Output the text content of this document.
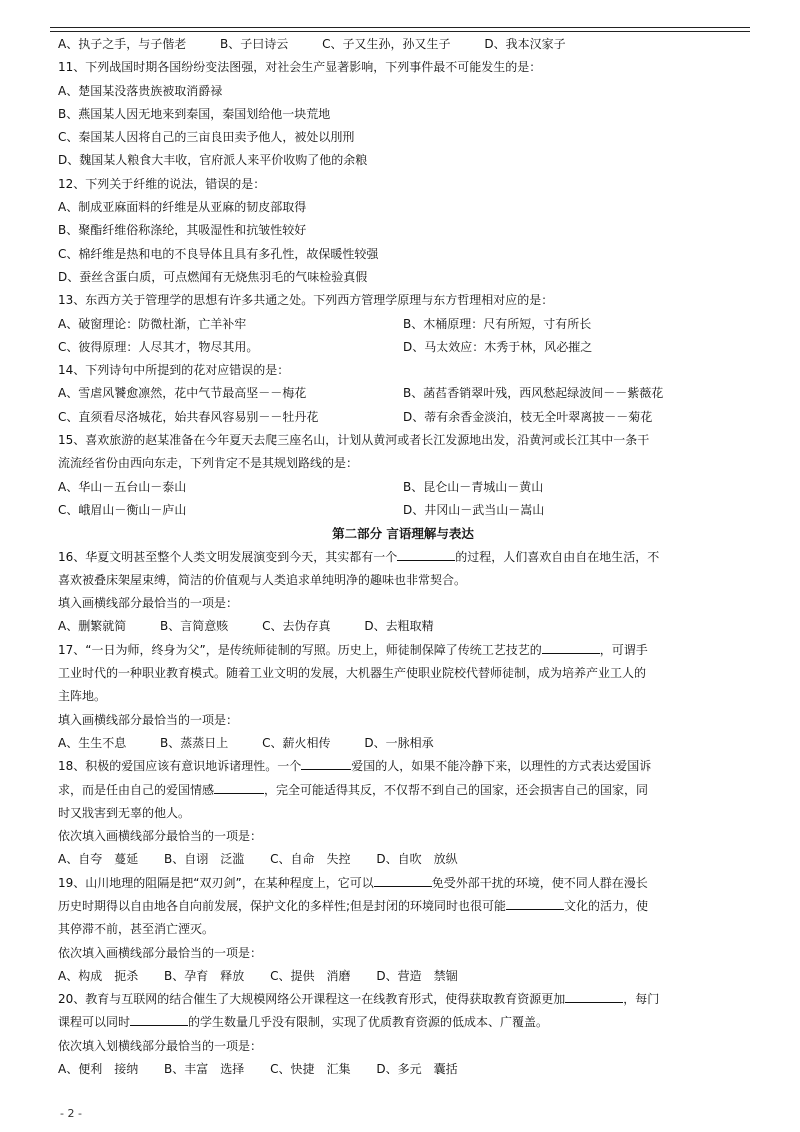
A、执子之手，与子偕老	B、子曰诗云	C、子又生孙，孙又生子	D、我本汉家子
11、下列战国时期各国纷纷变法图强，对社会生产显著影响，下列事件最不可能发生的是：
A、楚国某没落贵族被取消爵禄
B、燕国某人因无地来到秦国，秦国划给他一块荒地
C、秦国某人因将自己的三亩良田卖予他人，被处以刖刑
D、魏国某人粮食大丰收，官府派人来平价收购了他的余粮
12、下列关于纤维的说法，错误的是：
A、制成亚麻面料的纤维是从亚麻的韧皮部取得
B、聚酯纤维俗称涤纶，其吸湿性和抗皱性较好
C、棉纤维是热和电的不良导体且具有多孔性，故保暖性较强
D、蚕丝含蛋白质，可点燃闻有无烧焦羽毛的气味检验真假
13、东西方关于管理学的思想有许多共通之处。下列西方管理学原理与东方哲理相对应的是：
A、破窗理论：防微杜渐，亡羊补牢	B、木桶原理：尺有所短，寸有所长
C、彼得原理：人尽其才，物尽其用。	D、马太效应：木秀于林，风必摧之
14、下列诗句中所提到的花对应错误的是：
A、雪虐风饕愈凛然，花中气节最高坚－－梅花	B、菡萏香销翠叶残，西风愁起绿波间－－紫薇花
C、直须看尽洛城花，始共春风容易别－－牡丹花	D、蒂有余香金淡泊，枝无全叶翠离披－－菊花
15、喜欢旅游的赵某准备在今年夏天去爬三座名山，计划从黄河或者长江发源地出发，沿黄河或长江其中一条干
流流经省份由西向东走，下列肯定不是其规划路线的是：
A、华山－五台山－泰山	B、昆仑山－青城山－黄山
C、峨眉山－衡山－庐山	D、井冈山－武当山－嵩山
第二部分 言语理解与表达
16、华夏文明甚至整个人类文明发展演变到今天，其实都有一个	的过程，人们喜欢自由自在地生活，不
喜欢被叠床架屋束缚，简洁的价值观与人类追求单纯明净的趣味也非常契合。
填入画横线部分最恰当的一项是：
A、删繁就简	B、言简意赅	C、去伪存真	D、去粗取精
17、“一日为师，终身为父”，是传统师徒制的写照。历史上，师徒制保障了传统工艺技艺的	，可谓手
工业时代的一种职业教育模式。随着工业文明的发展，大机器生产使职业院校代替师徒制，成为培养产业工人的
主阵地。
填入画横线部分最恰当的一项是：
A、生生不息	B、蒸蒸日上	C、薪火相传	D、一脉相承
18、积极的爱国应该有意识地诉诸理性。一个	爱国的人，如果不能冷静下来，以理性的方式表达爱国诉
求，而是任由自己的爱国情感	，完全可能适得其反，不仅帮不到自己的国家，还会损害自己的国家，同
时又戕害到无辜的他人。
依次填入画横线部分最恰当的一项是：
A、自夸　蔓延 B、自诩　泛滥 C、自命　失控 D、自吹　放纵
19、山川地理的阻隔是把“双刃剑”，在某种程度上，它可以	免受外部干扰的环境，使不同人群在漫长
历史时期得以自由地各自向前发展，保护文化的多样性;但是封闭的环境同时也很可能	文化的活力，使
其停滞不前，甚至消亡湮灭。
依次填入画横线部分最恰当的一项是：
A、构成　扼杀 B、孕育　释放 C、提供　消磨 D、营造　禁锢
20、教育与互联网的结合催生了大规模网络公开课程这一在线教育形式，使得获取教育资源更加	，每门
课程可以同时	的学生数量几乎没有限制，实现了优质教育资源的低成本、广覆盖。
依次填入划横线部分最恰当的一项是：
A、便利　接纳 B、丰富　选择 C、快捷　汇集 D、多元　囊括
- 2 -
